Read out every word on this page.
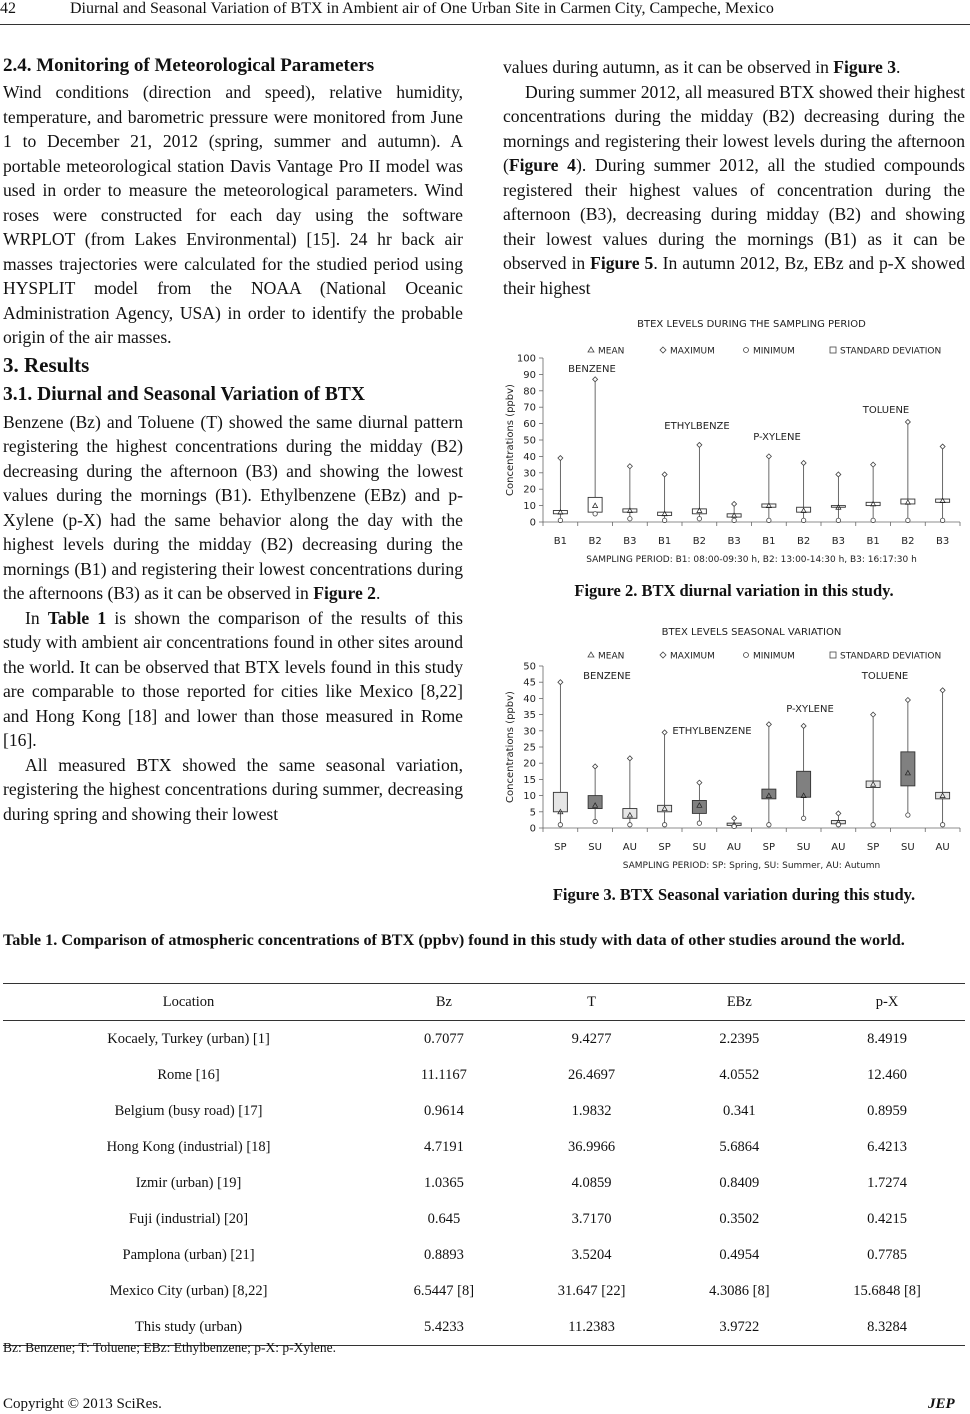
42	Diurnal and Seasonal Variation of BTX in Ambient air of One Urban Site in Carmen City, Campeche, Mexico
2.4. Monitoring of Meteorological Parameters

Wind conditions (direction and speed), relative humidity, temperature, and barometric pressure were monitored from June 1 to December 21, 2012 (spring, summer and autumn). A portable meteorological station Davis Vantage Pro II model was used in order to measure the meteorological parameters. Wind roses were constructed for each day using the software WRPLOT (from Lakes Environmental) [15]. 24 hr back air masses trajectories were calculated for the studied period using HYSPLIT model from the NOAA (National Oceanic Administration Agency, USA) in order to identify the probable origin of the air masses.

3. Results
3.1. Diurnal and Seasonal Variation of BTX

Benzene (Bz) and Toluene (T) showed the same diurnal pattern registering the highest concentrations during the midday (B2) decreasing during the afternoon (B3) and showing the lowest values during the mornings (B1). Ethylbenzene (EBz) and p-Xylene (p-X) had the same behavior along the day with the highest levels during the midday (B2) decreasing during the mornings (B1) and registering their lowest concentrations during the afternoons (B3) as it can be observed in Figure 2.

In Table 1 is shown the comparison of the results of this study with ambient air concentrations found in other sites around the world. It can be observed that BTX levels found in this study are comparable to those reported for cities like Mexico [8,22] and Hong Kong [18] and lower than those measured in Rome [16].

All measured BTX showed the same seasonal variation, registering the highest concentrations during summer, decreasing during spring and showing their lowest

values during autumn, as it can be observed in Figure 3.

During summer 2012, all measured BTX showed their highest concentrations during the midday (B2) decreasing during the mornings and registering their lowest levels during the afternoon (Figure 4). During summer 2012, all the studied compounds registered their highest values of concentration during the afternoon (B3), decreasing during midday (B2) and showing their lowest values during the mornings (B1) as it can be observed in Figure 5. In autumn 2012, Bz, EBz and p-X showed their highest

BTEX LEVELS DURING THE SAMPLING PERIOD
MEAN	MAXIMUM	MINIMUM	STANDARD DEVIATION
0
10
20
30
40
50
60
70
80
90
100
Concentrations (ppbv)
B1 B2 B3 B1 B2 B3 B1 B2 B3 B1 B2 B3
SAMPLING PERIOD: B1: 08:00-09:30 h, B2: 13:00-14:30 h, B3: 16:17:30 h
BENZENE
ETHYLBENZE
P-XYLENE
TOLUENE
Figure 2. BTX diurnal variation in this study.
BTEX LEVELS SEASONAL VARIATION
MEAN	MAXIMUM	MINIMUM	STANDARD DEVIATION
0
5
10
15
20
25
30
35
40
45
50
Concentrations (ppbv)
SP SU AU SP SU AU SP SU AU SP SU AU
SAMPLING PERIOD: SP: Spring, SU: Summer, AU: Autumn
BENZENE
ETHYLBENZENE
P-XYLENE
TOLUENE
Figure 3. BTX Seasonal variation during this study.
Table 1. Comparison of atmospheric concentrations of BTX (ppbv) found in this study with data of other studies around the world.
Location	Bz	T	EBz	p-X
Kocaely, Turkey (urban) [1]	0.7077	9.4277	2.2395	8.4919
Rome [16]	11.1167	26.4697	4.0552	12.460
Belgium (busy road) [17]	0.9614	1.9832	0.341	0.8959
Hong Kong (industrial) [18]	4.7191	36.9966	5.6864	6.4213
Izmir (urban) [19]	1.0365	4.0859	0.8409	1.7274
Fuji (industrial) [20]	0.645	3.7170	0.3502	0.4215
Pamplona (urban) [21]	0.8893	3.5204	0.4954	0.7785
Mexico City (urban) [8,22]	6.5447 [8]	31.647 [22]	4.3086 [8]	15.6848 [8]
This study (urban)	5.4233	11.2383	3.9722	8.3284
Bz: Benzene; T: Toluene; EBz: Ethylbenzene; p-X: p-Xylene.
Copyright © 2013 SciRes.	JEP
